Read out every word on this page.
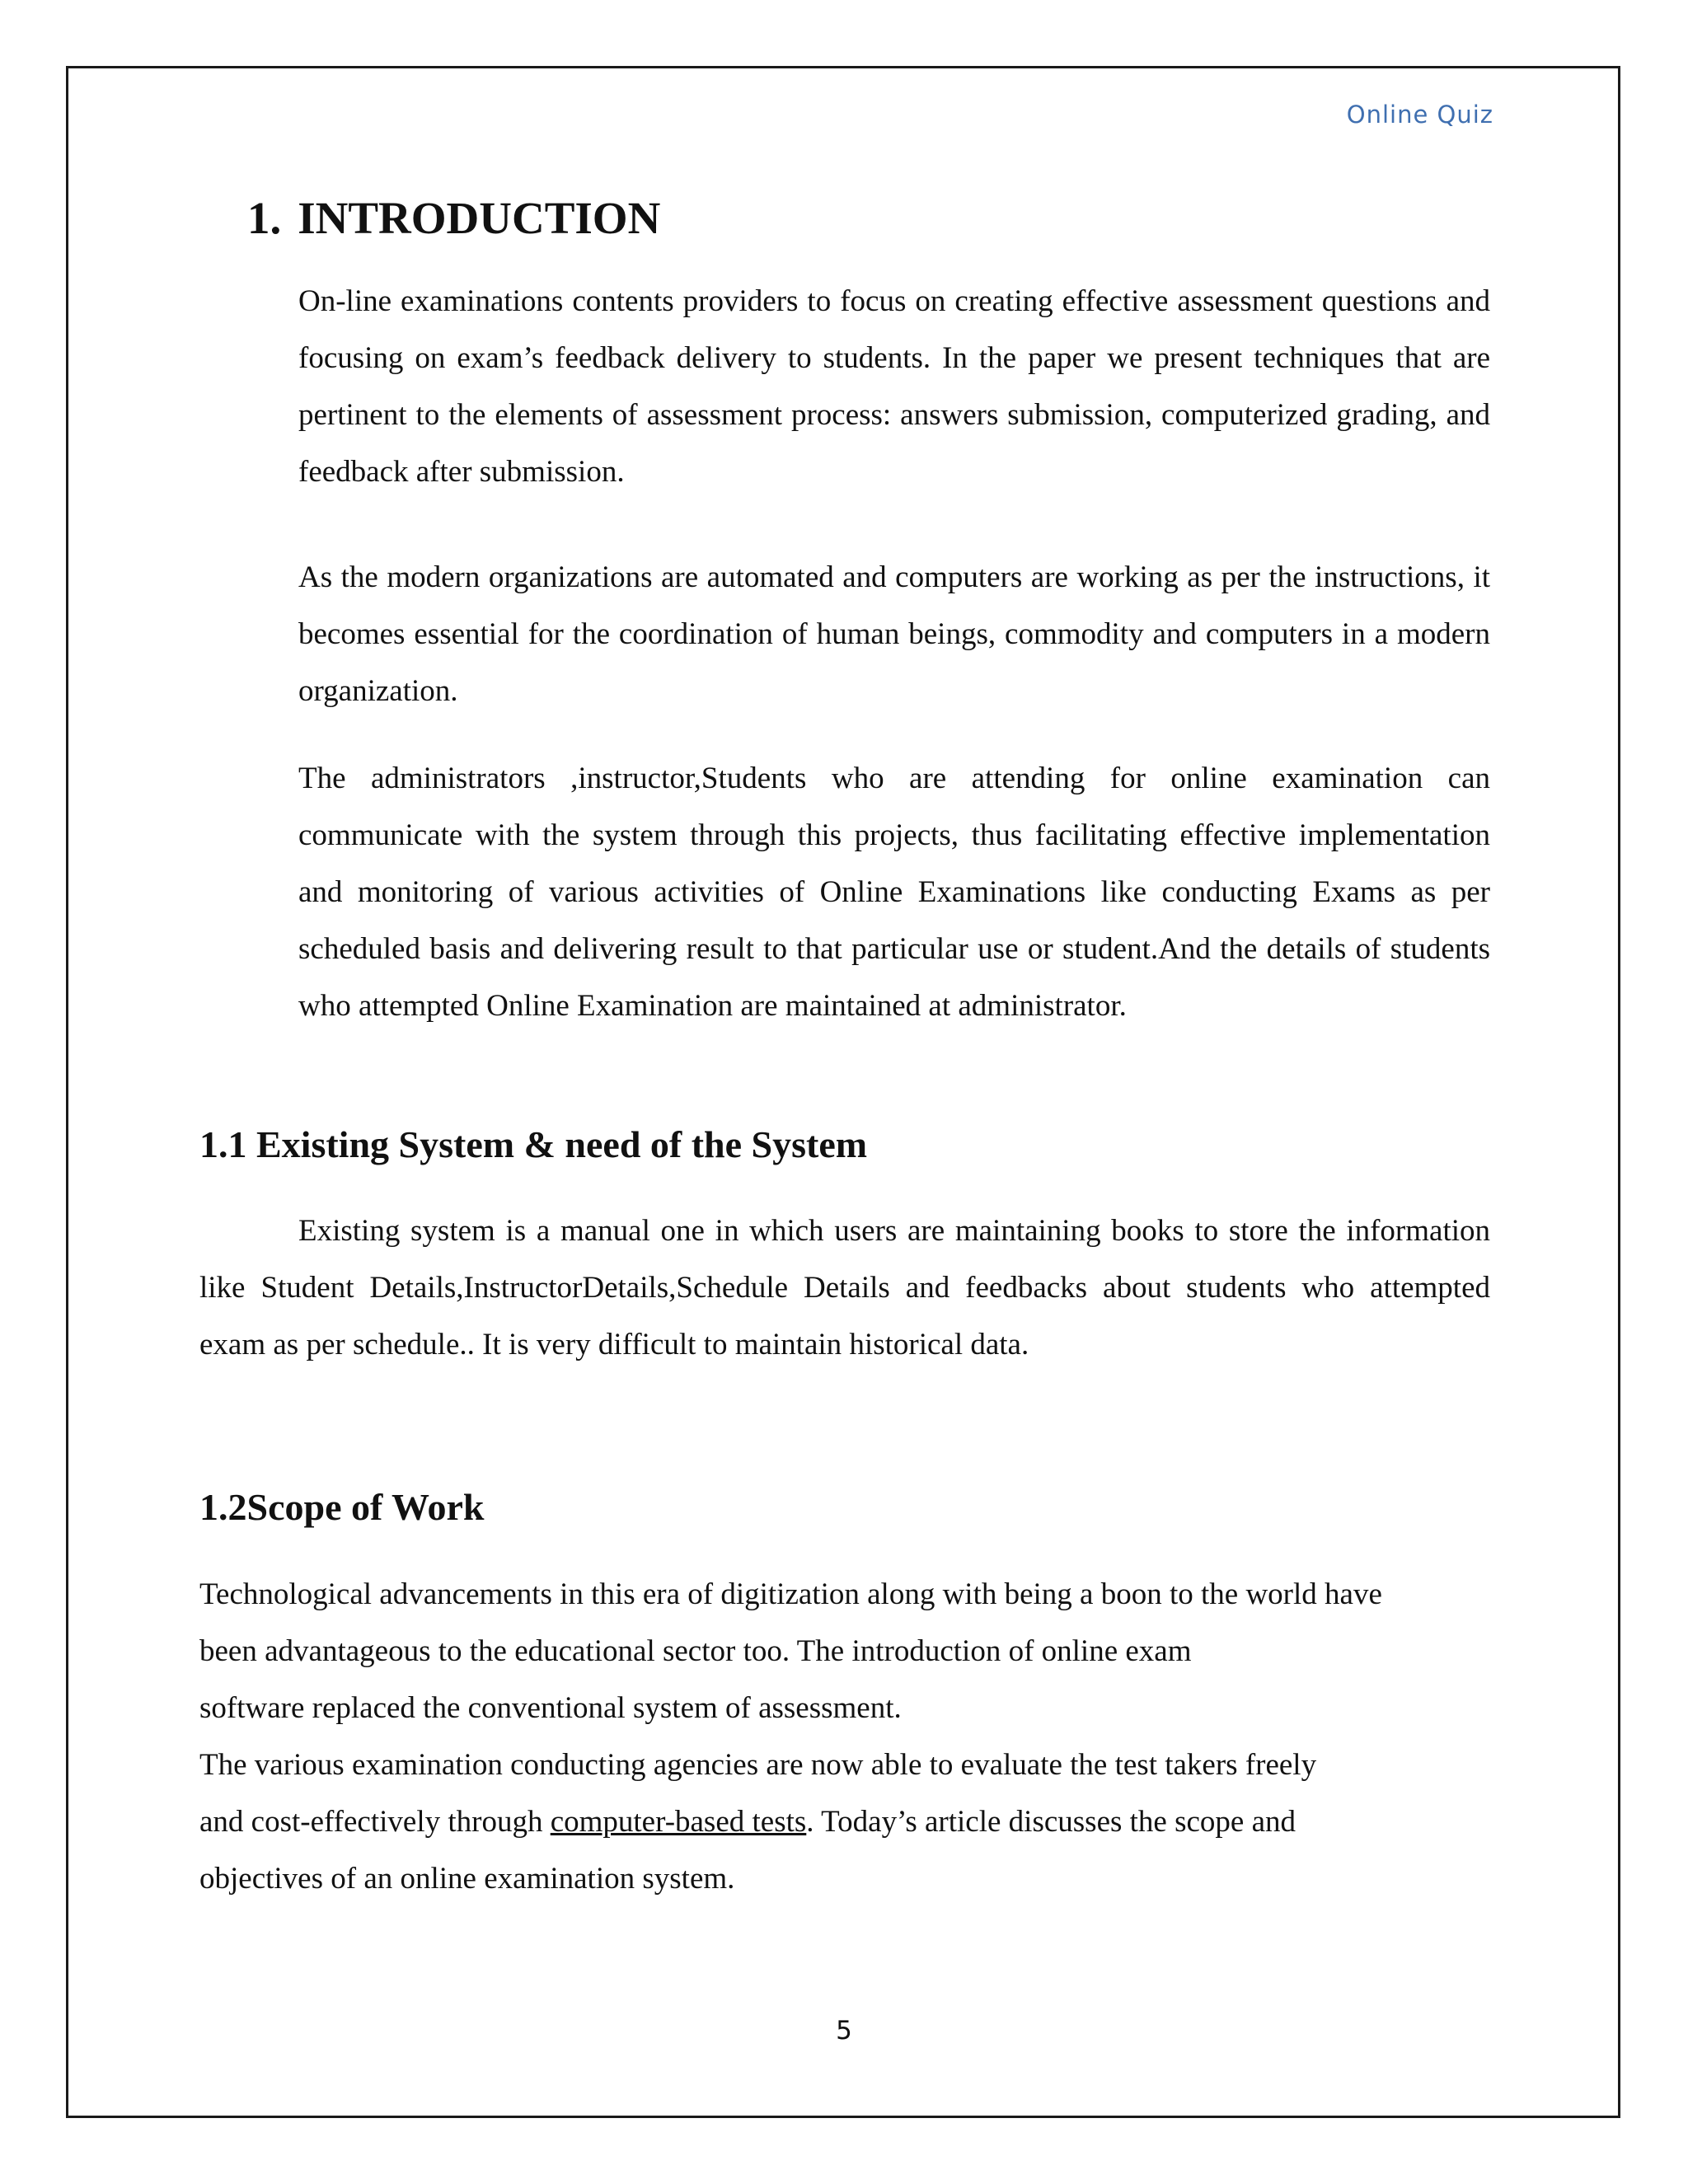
Online Quiz
1. INTRODUCTION

On-line examinations contents providers to focus on creating effective assessment questions and focusing on exam’s feedback delivery to students. In the paper we present techniques that are pertinent to the elements of assessment process: answers submission, computerized grading, and feedback after submission.

As the modern organizations are automated and computers are working as per the instructions, it becomes essential for the coordination of human beings, commodity and computers in a modern organization.

The administrators ,instructor,Students who are attending for online examination can communicate with the system through this projects, thus facilitating effective implementation and monitoring of various activities of Online Examinations like conducting Exams as per scheduled basis and delivering result to that particular use or student.And the details of students who attempted Online Examination are maintained at administrator.

1.1 Existing System & need of the System

Existing system is a manual one in which users are maintaining books to store the information like Student Details,InstructorDetails,Schedule Details and feedbacks about students who attempted exam as per schedule.. It is very difficult to maintain historical data.

1.2Scope of Work
Technological advancements in this era of digitization along with being a boon to the world have
been advantageous to the educational sector too. The introduction of online exam
software replaced the conventional system of assessment.
The various examination conducting agencies are now able to evaluate the test takers freely
and cost-effectively through computer-based tests. Today’s article discusses the scope and
objectives of an online examination system.
5
